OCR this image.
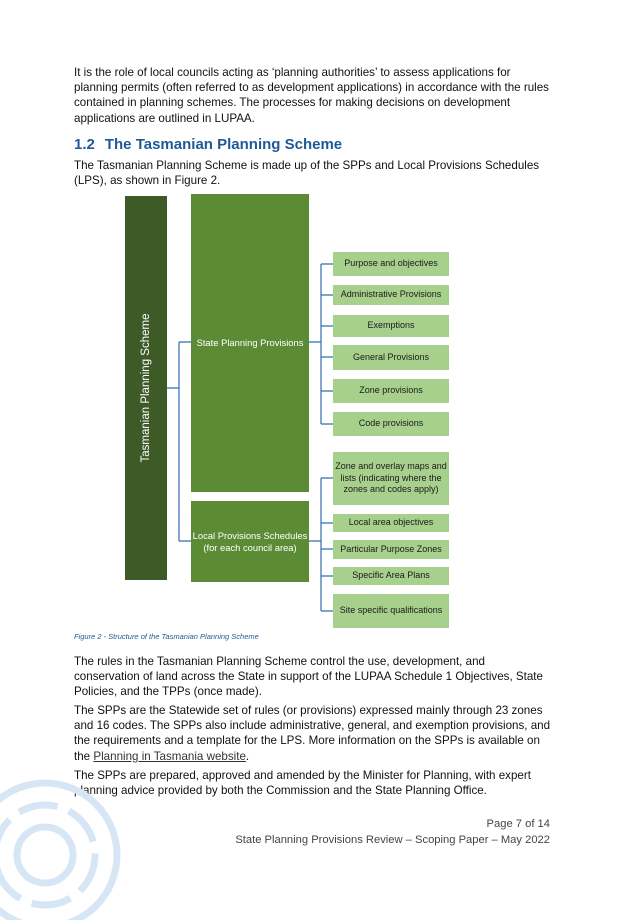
It is the role of local councils acting as ‘planning authorities’ to assess applications for planning permits (often referred to as development applications) in accordance with the rules contained in planning schemes. The processes for making decisions on development applications are outlined in LUPAA.

1.2 The Tasmanian Planning Scheme

The Tasmanian Planning Scheme is made up of the SPPs and Local Provisions Schedules (LPS), as shown in Figure 2.

Tasmanian Planning Scheme	State Planning Provisions
Local Provisions Schedules (for each council area)
Purpose and objectives
Administrative Provisions
Exemptions
General Provisions
Zone provisions
Code provisions
Zone and overlay maps and lists (indicating where the zones and codes apply)
Local area objectives
Particular Purpose Zones
Specific Area Plans
Site specific qualifications

Figure 2 - Structure of the Tasmanian Planning Scheme

The rules in the Tasmanian Planning Scheme control the use, development, and conservation of land across the State in support of the LUPAA Schedule 1 Objectives, State Policies, and the TPPs (once made).

The SPPs are the Statewide set of rules (or provisions) expressed mainly through 23 zones and 16 codes. The SPPs also include administrative, general, and exemption provisions, and the requirements and a template for the LPS. More information on the SPPs is available on the Planning in Tasmania website.

The SPPs are prepared, approved and amended by the Minister for Planning, with expert planning advice provided by both the Commission and the State Planning Office.

Page 7 of 14

State Planning Provisions Review – Scoping Paper – May 2022
